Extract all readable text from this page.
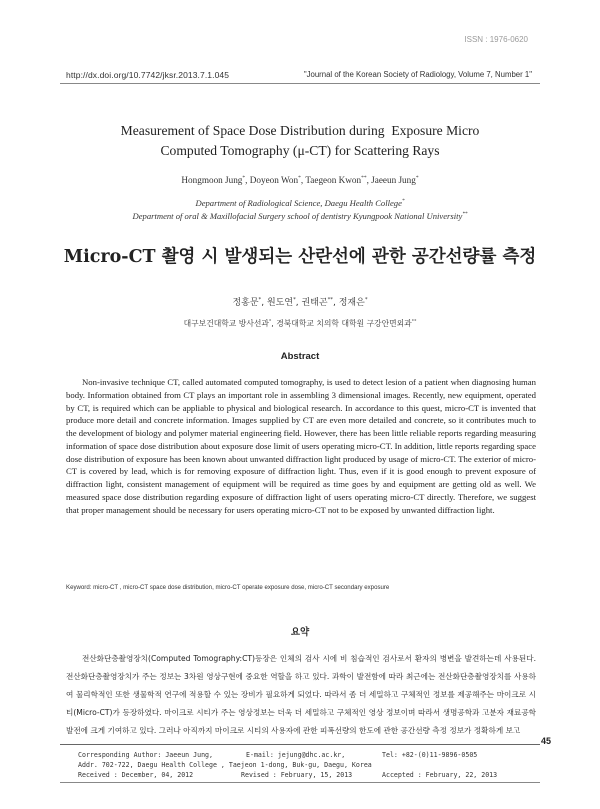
ISSN : 1976-0620
http://dx.doi.org/10.7742/jksr.2013.7.1.045	"Journal of the Korean Society of Radiology, Volume 7, Number 1"
Measurement of Space Dose Distribution during  Exposure Micro
Computed Tomography (μ-CT) for Scattering Rays
Hongmoon Jung*, Doyeon Won*, Taegeon Kwon**, Jaeeun Jung*
Department of Radiological Science, Daegu Health College*
Department of oral & Maxillofacial Surgery school of dentistry Kyungpook National University**
Micro-CT 촬영 시 발생되는 산란선에 관한 공간선량률 측정
정홍문*, 원도연*, 권태곤**, 정재은*
대구보건대학교 방사선과*, 경북대학교 치의학 대학원 구강안면외과**
Abstract

Non-invasive technique CT, called automated computed tomography, is used to detect lesion of a patient when diagnosing human body. Information obtained from CT plays an important role in assembling 3 dimensional images. Recently, new equipment, operated by CT, is required which can be appliable to physical and biological research. In accordance to this quest, micro-CT is invented that produce more detail and concrete information. Images supplied by CT are even more detailed and concrete, so it contributes much to the development of biology and polymer material engineering field. However, there has been little reliable reports regarding measuring information of space dose distribution about exposure dose limit of users operating micro-CT. In addition, little reports regarding space dose distribution of exposure has been known about unwanted diffraction light produced by usage of micro-CT. The exterior of micro-CT is covered by lead, which is for removing exposure of diffraction light. Thus, even if it is good enough to prevent exposure of diffraction light, consistent management of equipment will be required as time goes by and equipment are getting old as well. We measured space dose distribution regarding exposure of diffraction light of users operating micro-CT directly. Therefore, we suggest that proper management should be necessary for users operating micro-CT not to be exposed by unwanted diffraction light.

Keyword: micro-CT , micro-CT space dose distribution, micro-CT operate exposure dose, micro-CT secondary exposure
요약

전산화단층촬영장치(Computed Tomography:CT)등장은 인체의 검사 시에 비 침습적인 검사로서 환자의 병변을 발견하는데 사용된다. 전산화단층촬영장치가 주는 정보는 3차원 영상구현에 중요한 역할을 하고 있다. 과학이 발전함에 따라 최근에는 전산화단층촬영장치를 사용하여 물리학적인 또한 생물학적 연구에 적용할 수 있는 장비가 필요하게 되었다. 따라서 좀 더 세밀하고 구체적인 정보를 제공해주는 마이크로 시티(Micro-CT)가 등장하였다. 마이크로 시티가 주는 영상정보는 더욱 더 세밀하고 구체적인 영상 정보이며 따라서 생명공학과 고분자 재료공학 발전에 크게 기여하고 있다. 그러나 아직까지 마이크로 시티의 사용자에 관한 피폭선량의 한도에 관한 공간선량 측정 정보가 정확하게 보고

45
Corresponding Author: Jaeeun Jung,	E-mail: jejung@dhc.ac.kr,	Tel: +82-(0)11-9896-0505
Addr. 702-722, Daegu Health College , Taejeon 1-dong, Buk-gu, Daegu, Korea
Received : December, 04, 2012	Revised : February, 15, 2013	Accepted : February, 22, 2013
